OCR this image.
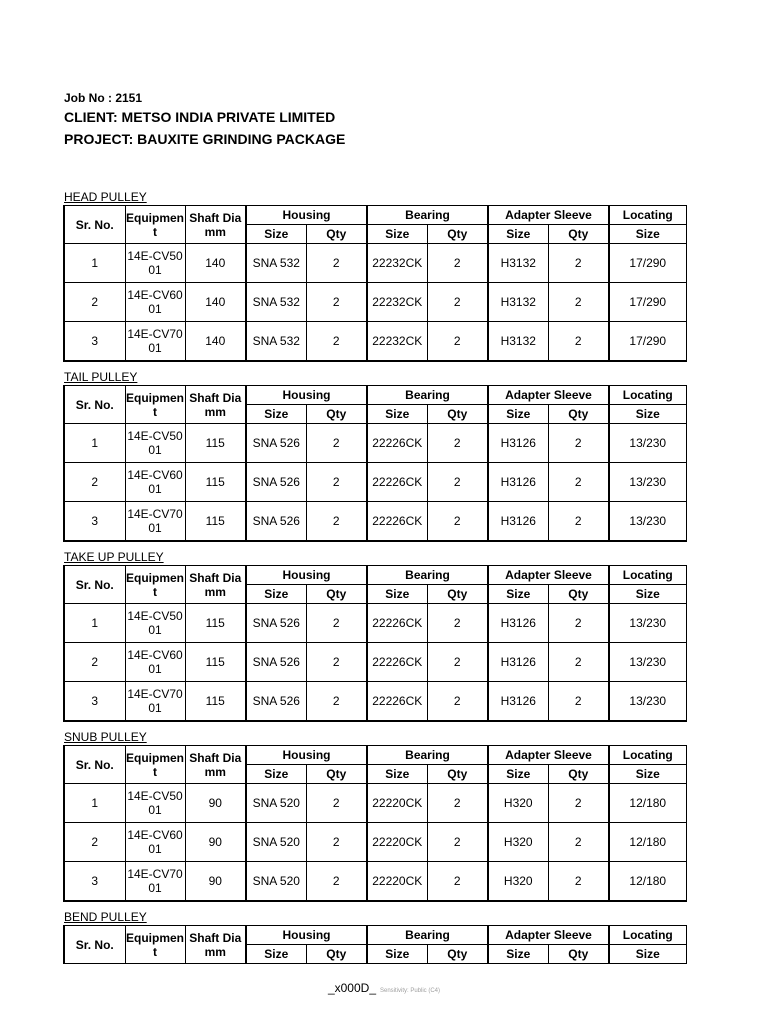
Job No : 2151
CLIENT: METSO INDIA PRIVATE LIMITED
PROJECT: BAUXITE GRINDING PACKAGE
HEAD PULLEY
Sr. No.	Equipment	Shaft Dia mm	Housing		Bearing		Adapter Sleeve		Locating
			Size	Qty	Size	Qty	Size	Qty	Size
1	14E-CV5001	140	SNA 532	2	22232CK	2	H3132	2	17/290
2	14E-CV6001	140	SNA 532	2	22232CK	2	H3132	2	17/290
3	14E-CV7001	140	SNA 532	2	22232CK	2	H3132	2	17/290
TAIL PULLEY
Sr. No.	Equipment	Shaft Dia mm	Housing		Bearing		Adapter Sleeve		Locating
			Size	Qty	Size	Qty	Size	Qty	Size
1	14E-CV5001	115	SNA 526	2	22226CK	2	H3126	2	13/230
2	14E-CV6001	115	SNA 526	2	22226CK	2	H3126	2	13/230
3	14E-CV7001	115	SNA 526	2	22226CK	2	H3126	2	13/230
TAKE UP PULLEY
Sr. No.	Equipment	Shaft Dia mm	Housing		Bearing		Adapter Sleeve		Locating
			Size	Qty	Size	Qty	Size	Qty	Size
1	14E-CV5001	115	SNA 526	2	22226CK	2	H3126	2	13/230
2	14E-CV6001	115	SNA 526	2	22226CK	2	H3126	2	13/230
3	14E-CV7001	115	SNA 526	2	22226CK	2	H3126	2	13/230
SNUB PULLEY
Sr. No.	Equipment	Shaft Dia mm	Housing		Bearing		Adapter Sleeve		Locating
			Size	Qty	Size	Qty	Size	Qty	Size
1	14E-CV5001	90	SNA 520	2	22220CK	2	H320	2	12/180
2	14E-CV6001	90	SNA 520	2	22220CK	2	H320	2	12/180
3	14E-CV7001	90	SNA 520	2	22220CK	2	H320	2	12/180
BEND PULLEY
Sr. No.	Equipment	Shaft Dia mm	Housing		Bearing		Adapter Sleeve		Locating
			Size	Qty	Size	Qty	Size	Qty	Size
_x000D_ Sensitivity: Public (C4)
